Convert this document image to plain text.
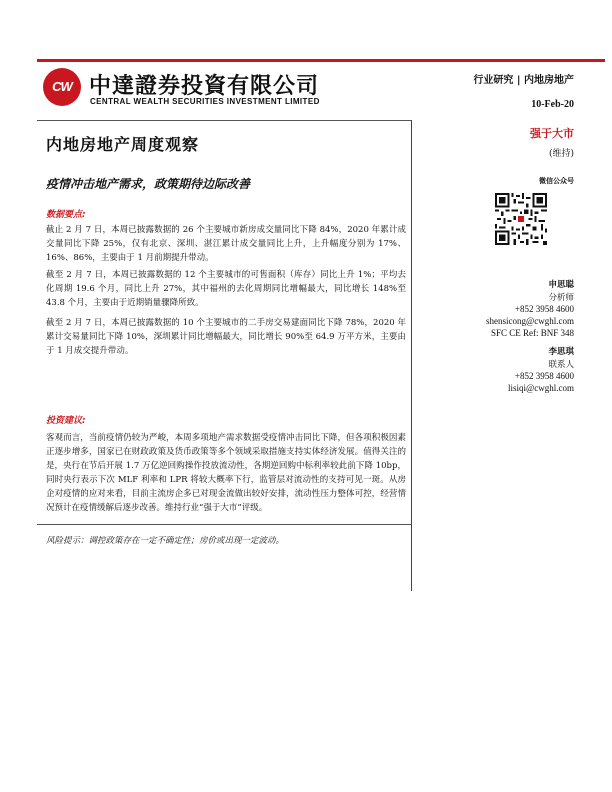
CW 中達證券投資有限公司
CENTRAL WEALTH SECURITIES INVESTMENT LIMITED
行业研究 | 内地房地产
10-Feb-20
内地房地产周度观察
疫情冲击地产需求，政策期待边际改善
数据要点:
截止 2 月 7 日，本周已披露数据的 26 个主要城市新房成交量同比下降 84%，2020 年累计成交量同比下降 25%，仅有北京、深圳、湛江累计成交量同比上升，上升幅度分别为 17%、16%、86%，主要由于 1 月前期提升带动。
截至 2 月 7 日，本周已披露数据的 12 个主要城市的可售面积（库存）同比上升 1%；平均去化周期 19.6 个月，同比上升 27%，其中福州的去化周期同比增幅最大，同比增长 148%至 43.8 个月，主要由于近期销量骤降所致。
截至 2 月 7 日，本周已披露数据的 10 个主要城市的二手房交易建面同比下降 78%，2020 年累计交易量同比下降 10%，深圳累计同比增幅最大，同比增长 90%至 64.9 万平方米，主要由于 1 月成交提升带动。
投资建议:
客观而言，当前疫情仍较为严峻，本周多项地产需求数据受疫情冲击同比下降，但各项积极因素正逐步增多，国家已在财政政策及货币政策等多个领域采取措施支持实体经济发展。值得关注的是，央行在节后开展 1.7 万亿逆回购操作投放流动性，各期逆回购中标利率较此前下降 10bp，同时央行表示下次 MLF 利率和 LPR 将较大概率下行，监管层对流动性的支持可见一斑。从房企对疫情的应对来看，目前主流房企多已对现金流做出较好安排，流动性压力整体可控，经营情况预计在疫情缓解后逐步改善。维持行业“强于大市”评级。
风险提示：调控政策存在一定不确定性；房价或出现一定波动。
强于大市
(维持)
微信公众号
申思聪
分析师
+852 3958 4600
shensicong@cwghl.com
SFC CE Ref: BNF 348
李思琪
联系人
+852 3958 4600
lisiqi@cwghl.com
